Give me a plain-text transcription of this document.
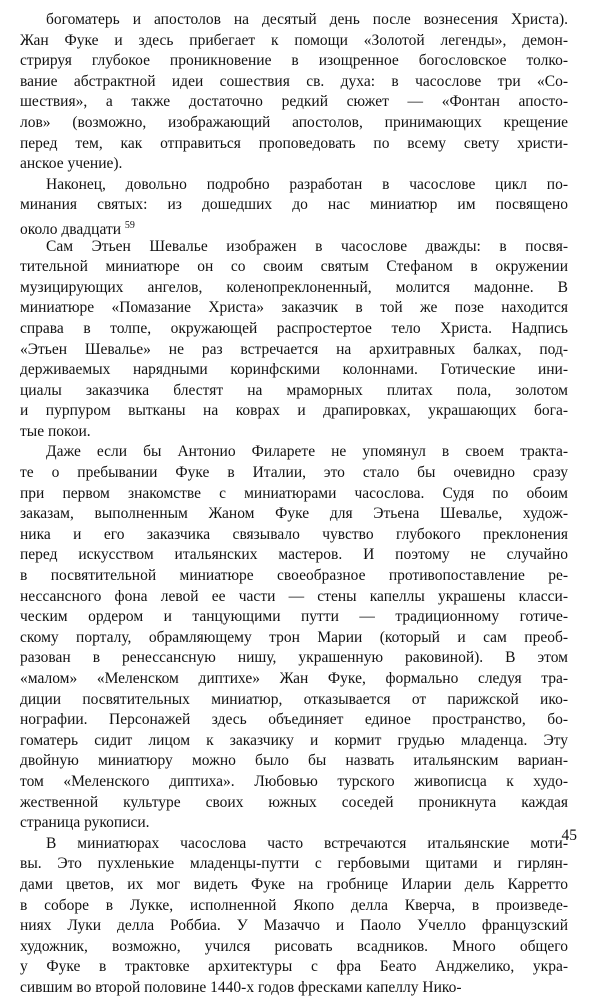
богоматерь и апостолов на десятый день после вознесения Христа).
Жан Фуке и здесь прибегает к помощи «Золотой легенды», демон-
стрируя глубокое проникновение в изощренное богословское толко-
вание абстрактной идеи сошествия св. духа: в часослове три «Со-
шествия», а также достаточно редкий сюжет — «Фонтан апосто-
лов» (возможно, изображающий апостолов, принимающих крещение
перед тем, как отправиться проповедовать по всему свету христи-
анское учение).
Наконец, довольно подробно разработан в часослове цикл по-
минания святых: из дошедших до нас миниатюр им посвящено
около двадцати $^{59}$
Сам Этьен Шевалье изображен в часослове дважды: в посвя-
тительной миниатюре он со своим святым Стефаном в окружении
музицирующих ангелов, коленопреклоненный, молится мадонне. В
миниатюре «Помазание Христа» заказчик в той же позе находится
справа в толпе, окружающей распростертое тело Христа. Надпись
«Этьен Шевалье» не раз встречается на архитравных балках, под-
держиваемых нарядными коринфскими колоннами. Готические ини-
циалы заказчика блестят на мраморных плитах пола, золотом
и пурпуром вытканы на коврах и драпировках, украшающих бога-
тые покои.
Даже если бы Антонио Филарете не упомянул в своем тракта-
те о пребывании Фуке в Италии, это стало бы очевидно сразу
при первом знакомстве с миниатюрами часослова. Судя по обоим
заказам, выполненным Жаном Фуке для Этьена Шевалье, худож-
ника и его заказчика связывало чувство глубокого преклонения
перед искусством итальянских мастеров. И поэтому не случайно
в посвятительной миниатюре своеобразное противопоставление ре-
нессансного фона левой ее части — стены капеллы украшены класси-
ческим ордером и танцующими путти — традиционному готиче-
скому порталу, обрамляющему трон Марии (который и сам преоб-
разован в ренессансную нишу, украшенную раковиной). В этом
«малом» «Меленском диптихе» Жан Фуке, формально следуя тра-
диции посвятительных миниатюр, отказывается от парижской ико-
нографии. Персонажей здесь объединяет единое пространство, бо-
гоматерь сидит лицом к заказчику и кормит грудью младенца. Эту
двойную миниатюру можно было бы назвать итальянским вариан-
том «Меленского диптиха». Любовью турского живописца к худо-
жественной культуре своих южных соседей проникнута каждая
страница рукописи.
В миниатюрах часослова часто встречаются итальянские моти-
вы. Это пухленькие младенцы-путти с гербовыми щитами и гирлян-
дами цветов, их мог видеть Фуке на гробнице Иларии дель Карретто
в соборе в Лукке, исполненной Якопо делла Кверча, в произведе-
ниях Луки делла Роббиа. У Мазаччо и Паоло Учелло французский
художник, возможно, учился рисовать всадников. Много общего
у Фуке в трактовке архитектуры с фра Беато Анджелико, укра-
сившим во второй половине 1440-х годов фресками капеллу Нико-
45
